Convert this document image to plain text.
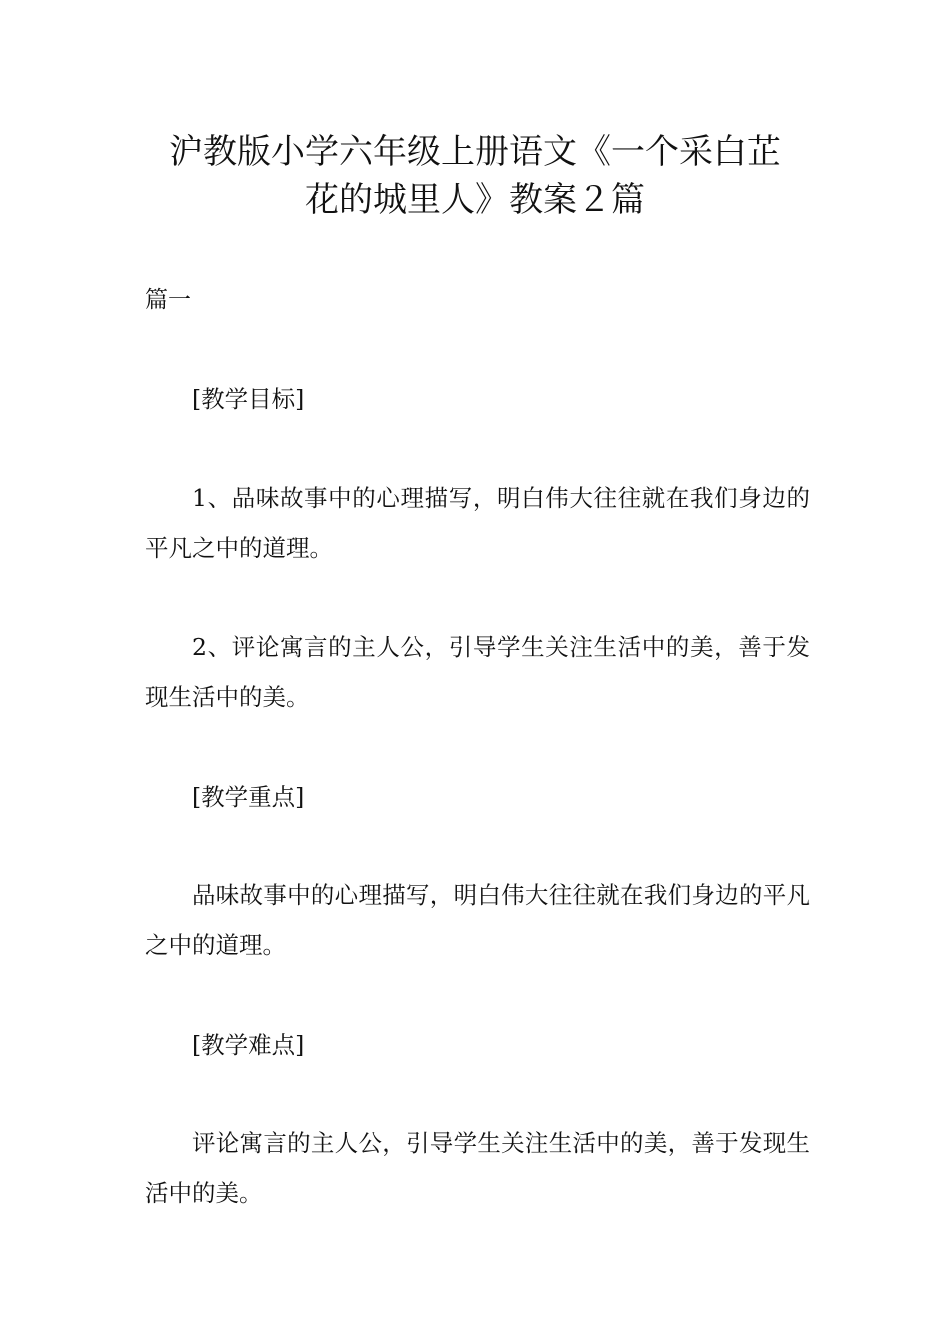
沪教版小学六年级上册语文《一个采白芷
花的城里人》教案２篇

篇一

[教学目标]

1、品味故事中的心理描写，明白伟大往往就在我们身边的平凡之中的道理。

2、评论寓言的主人公，引导学生关注生活中的美，善于发现生活中的美。

[教学重点]

品味故事中的心理描写，明白伟大往往就在我们身边的平凡之中的道理。

[教学难点]

评论寓言的主人公，引导学生关注生活中的美，善于发现生活中的美。
